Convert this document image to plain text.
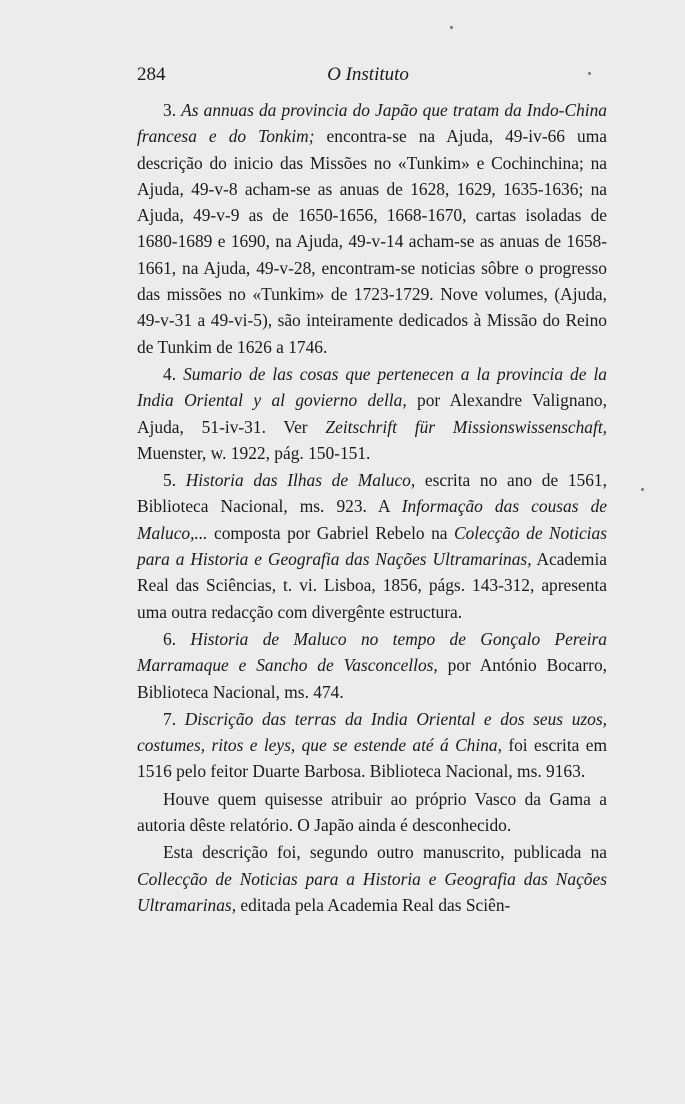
284	O Instituto

3. As annuas da provincia do Japão que tratam da Indo-China francesa e do Tonkim; encontra-se na Ajuda, 49-iv-66 uma descrição do inicio das Missões no «Tunkim» e Cochinchina; na Ajuda, 49-v-8 acham-se as anuas de 1628, 1629, 1635-1636; na Ajuda, 49-v-9 as de 1650-1656, 1668-1670, cartas isoladas de 1680-1689 e 1690, na Ajuda, 49-v-14 acham-se as anuas de 1658-1661, na Ajuda, 49-v-28, encontram-se noticias sôbre o progresso das missões no «Tunkim» de 1723-1729. Nove volumes, (Ajuda, 49-v-31 a 49-vi-5), são inteiramente dedicados à Missão do Reino de Tunkim de 1626 a 1746.

4. Sumario de las cosas que pertenecen a la provincia de la India Oriental y al govierno della, por Alexandre Valignano, Ajuda, 51-iv-31. Ver Zeitschrift für Missionswissenschaft, Muenster, w. 1922, pág. 150-151.

5. Historia das Ilhas de Maluco, escrita no ano de 1561, Biblioteca Nacional, ms. 923. A Informação das cousas de Maluco,... composta por Gabriel Rebelo na Colecção de Noticias para a Historia e Geografia das Nações Ultramarinas, Academia Real das Sciências, t. vi. Lisboa, 1856, págs. 143-312, apresenta uma outra redacção com divergênte estructura.

6. Historia de Maluco no tempo de Gonçalo Pereira Marramaque e Sancho de Vasconcellos, por António Bocarro, Biblioteca Nacional, ms. 474.

7. Discrição das terras da India Oriental e dos seus uzos, costumes, ritos e leys, que se estende até á China, foi escrita em 1516 pelo feitor Duarte Barbosa. Biblioteca Nacional, ms. 9163.

Houve quem quisesse atribuir ao próprio Vasco da Gama a autoria dêste relatório. O Japão ainda é desconhecido.

Esta descrição foi, segundo outro manuscrito, publicada na Collecção de Noticias para a Historia e Geografia das Nações Ultramarinas, editada pela Academia Real das Sciên-
